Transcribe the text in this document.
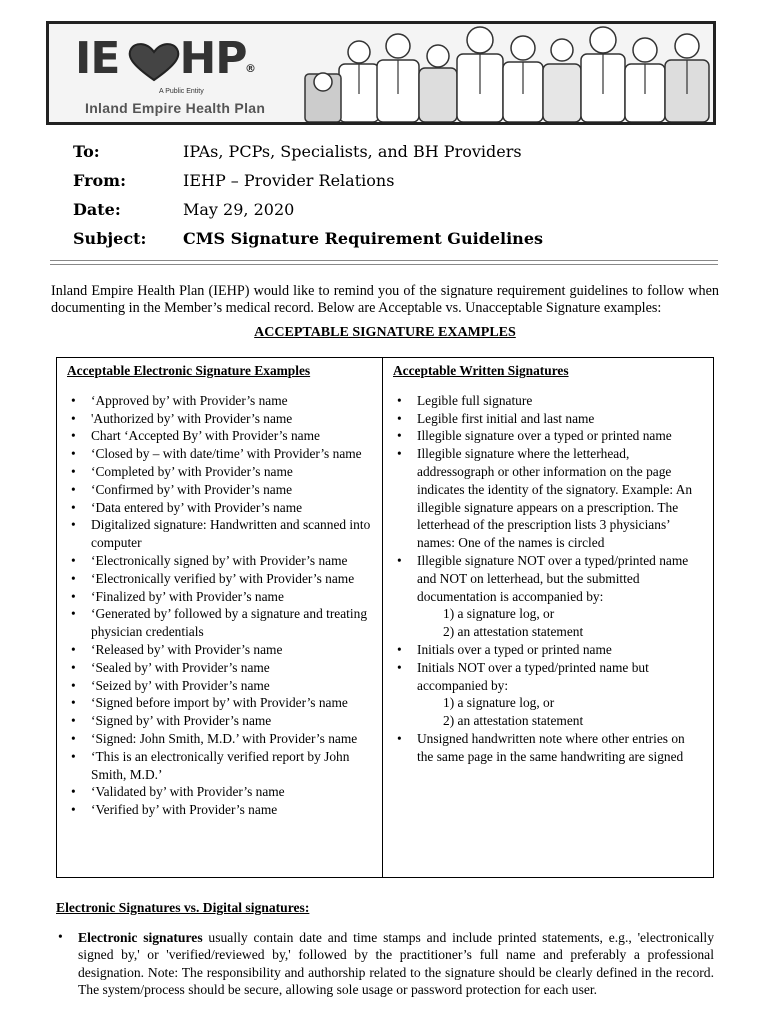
IE HP
®
A Public Entity
Inland Empire Health Plan
To:	IPAs, PCPs, Specialists, and BH Providers
From:	IEHP – Provider Relations
Date:	May 29, 2020
Subject:	CMS Signature Requirement Guidelines

Inland Empire Health Plan (IEHP) would like to remind you of the signature requirement guidelines to follow when documenting in the Member’s medical record. Below are Acceptable vs. Unacceptable Signature examples:

ACCEPTABLE SIGNATURE EXAMPLES
Acceptable Electronic Signature Examples
• ‘Approved by’ with Provider’s name
• 'Authorized by’ with Provider’s name
• Chart ‘Accepted By’ with Provider’s name
• ‘Closed by – with date/time’ with Provider’s name
• ‘Completed by’ with Provider’s name
• ‘Confirmed by’ with Provider’s name
• ‘Data entered by’ with Provider’s name
• Digitalized signature: Handwritten and scanned into computer
• ‘Electronically signed by’ with Provider’s name
• ‘Electronically verified by’ with Provider’s name
• ‘Finalized by’ with Provider’s name
• ‘Generated by’ followed by a signature and treating physician credentials
• ‘Released by’ with Provider’s name
• ‘Sealed by’ with Provider’s name
• ‘Seized by’ with Provider’s name
• ‘Signed before import by’ with Provider’s name
• ‘Signed by’ with Provider’s name
• ‘Signed: John Smith, M.D.’ with Provider’s name
• ‘This is an electronically verified report by John Smith, M.D.’
• ‘Validated by’ with Provider’s name
• ‘Verified by’ with Provider’s name

Acceptable Written Signatures
• Legible full signature
• Legible first initial and last name
• Illegible signature over a typed or printed name
• Illegible signature where the letterhead, addressograph or other information on the page indicates the identity of the signatory. Example: An illegible signature appears on a prescription. The letterhead of the prescription lists 3 physicians’ names: One of the names is circled
• Illegible signature NOT over a typed/printed name and NOT on letterhead, but the submitted documentation is accompanied by:
1) a signature log, or
2) an attestation statement
• Initials over a typed or printed name
• Initials NOT over a typed/printed name but accompanied by:
1) a signature log, or
2) an attestation statement
• Unsigned handwritten note where other entries on the same page in the same handwriting are signed
Electronic Signatures vs. Digital signatures:
• Electronic signatures usually contain date and time stamps and include printed statements, e.g., 'electronically signed by,' or 'verified/reviewed by,' followed by the practitioner’s full name and preferably a professional designation. Note: The responsibility and authorship related to the signature should be clearly defined in the record. The system/process should be secure, allowing sole usage or password protection for each user.
